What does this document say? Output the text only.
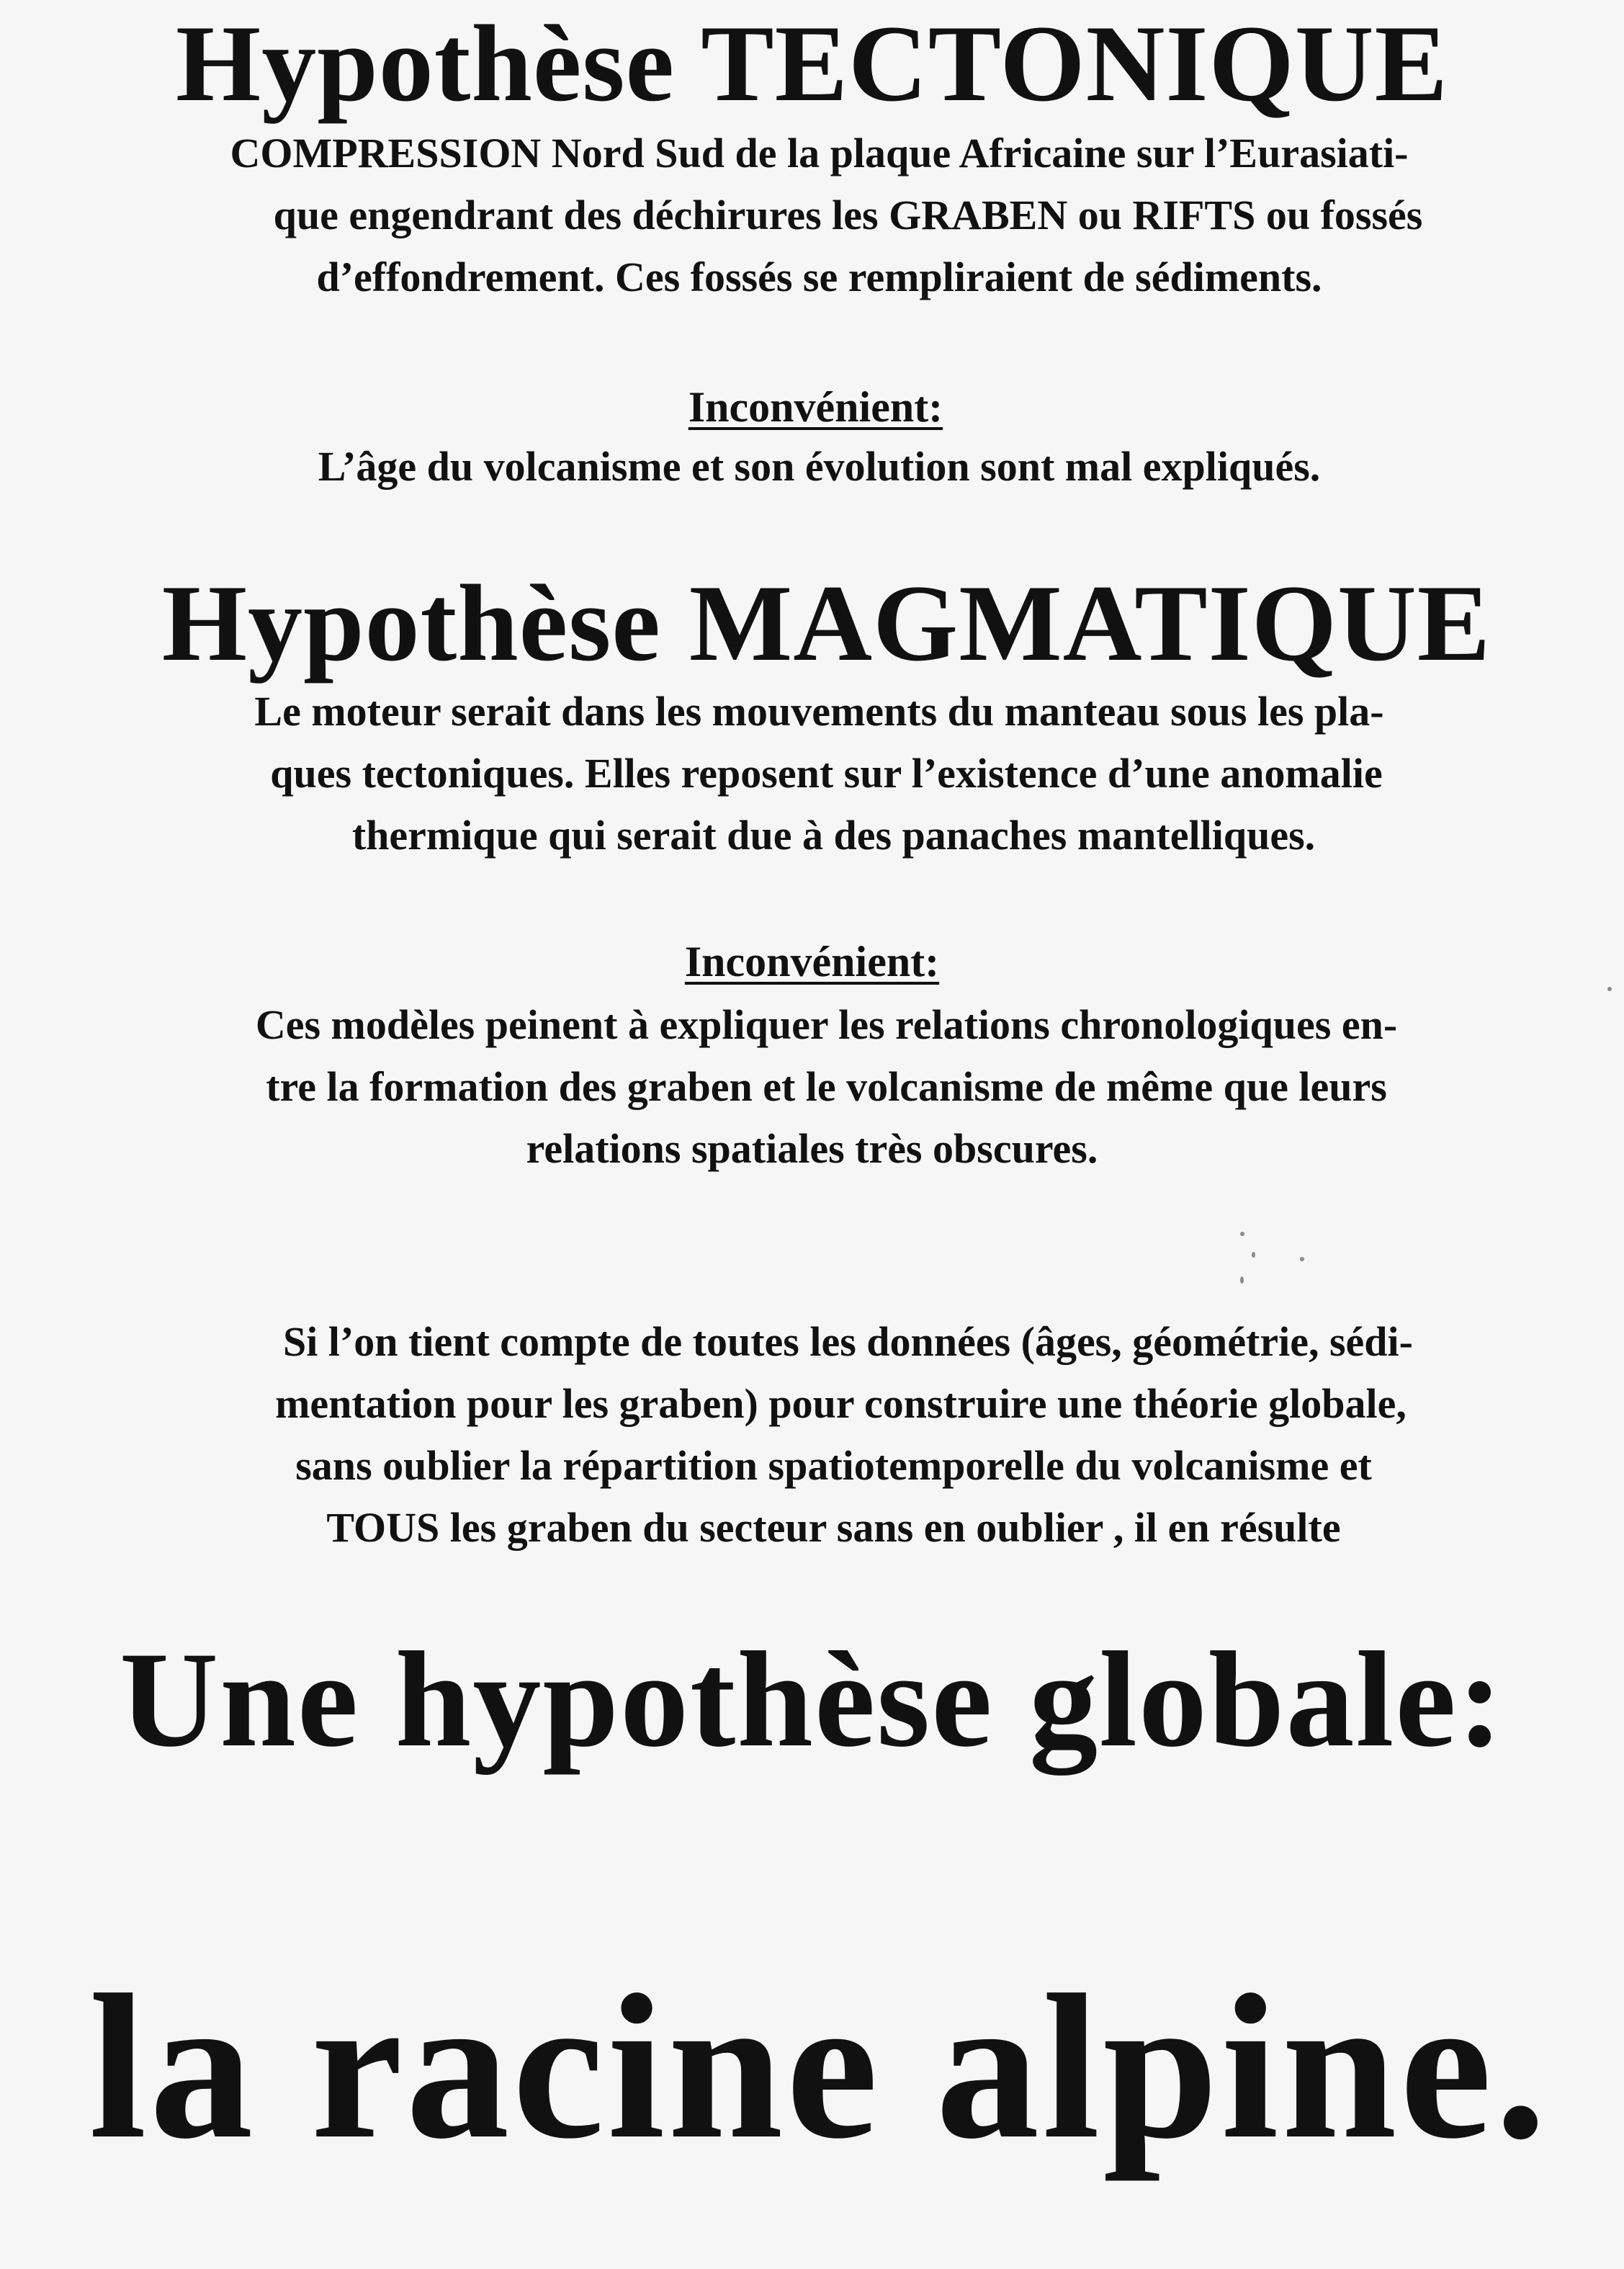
Hypothèse TECTONIQUE
COMPRESSION Nord Sud de la plaque Africaine sur l’Eurasiati-
que engendrant des déchirures les GRABEN ou RIFTS ou fossés
d’effondrement. Ces fossés se rempliraient de sédiments.
Inconvénient:
L’âge du volcanisme et son évolution sont mal expliqués.
Hypothèse MAGMATIQUE
Le moteur serait dans les mouvements du manteau sous les pla-
ques tectoniques. Elles reposent sur l’existence d’une anomalie
thermique qui serait due à des panaches mantelliques.
Inconvénient:
Ces modèles peinent à expliquer les relations chronologiques en-
tre la formation des graben et le volcanisme de même que leurs
relations spatiales très obscures.
Si l’on tient compte de toutes les données (âges, géométrie, sédi-
mentation pour les graben) pour construire une théorie globale,
sans oublier la répartition spatiotemporelle du volcanisme et
TOUS les graben du secteur sans en oublier , il en résulte
Une hypothèse globale:
la racine alpine.
